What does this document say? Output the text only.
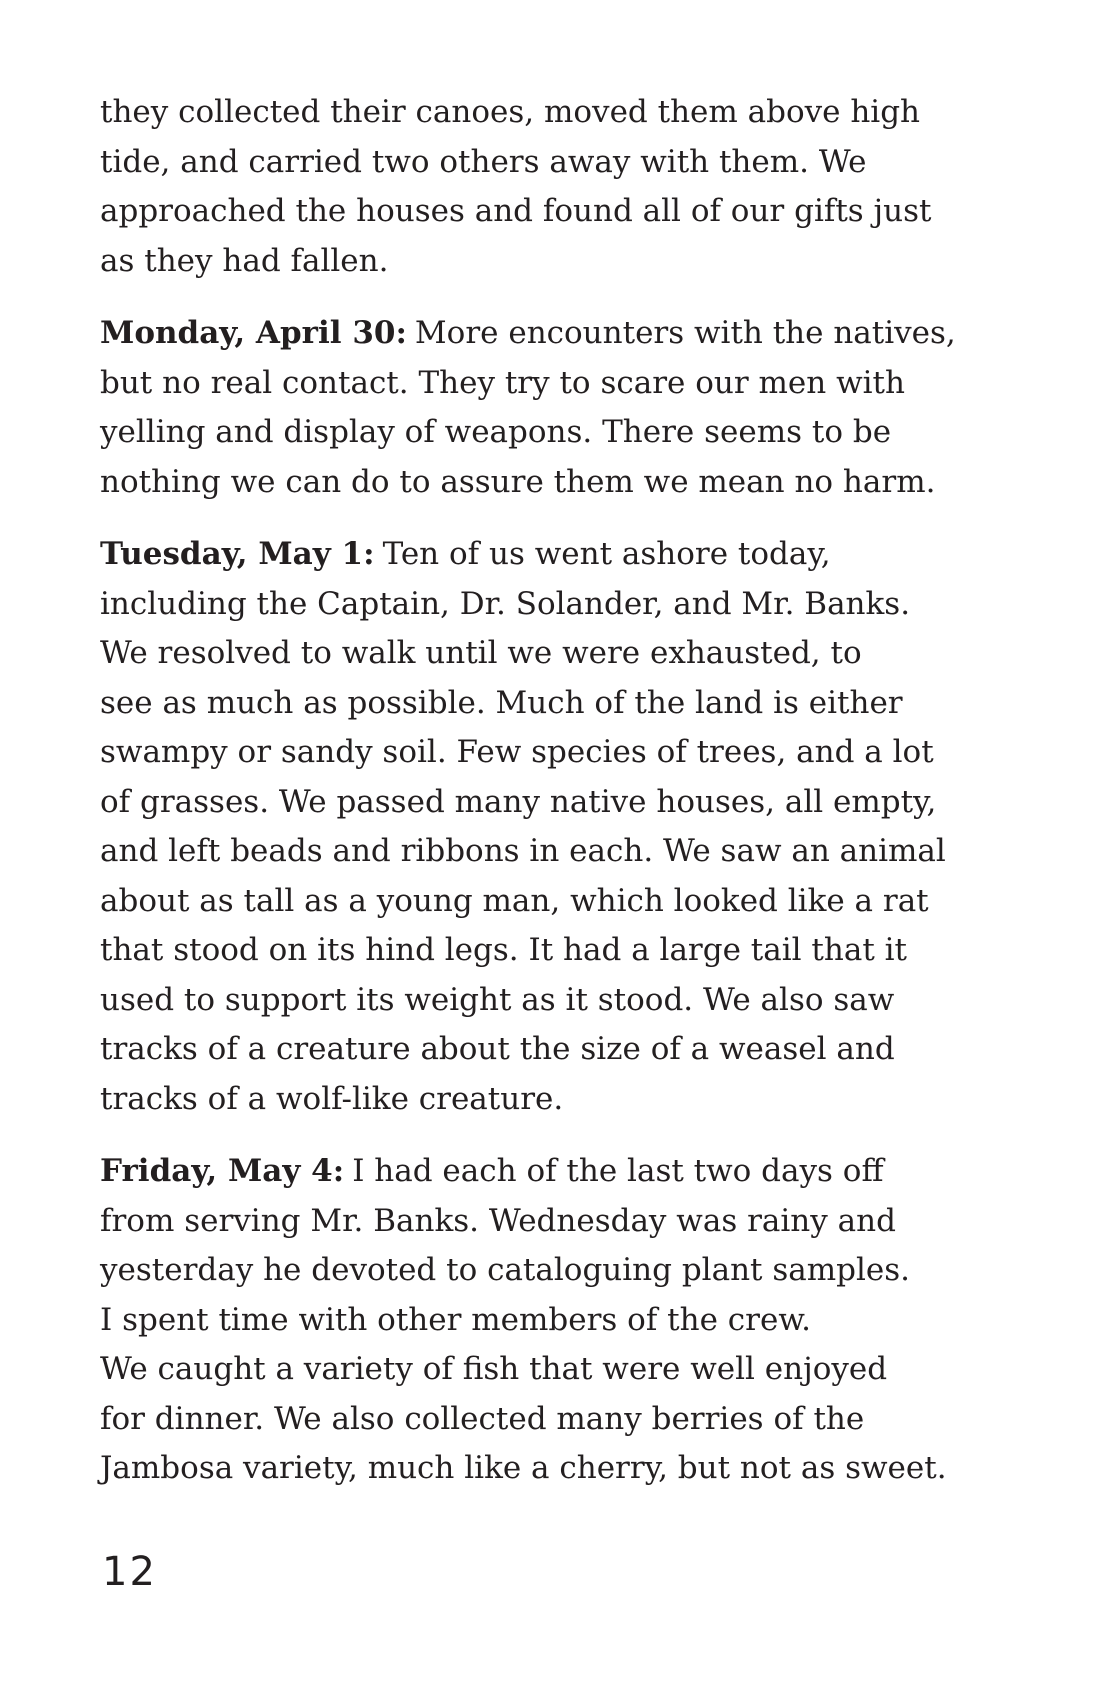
they collected their canoes, moved them above high
tide, and carried two others away with them. We
approached the houses and found all of our gifts just
as they had fallen.

Monday, April 30: More encounters with the natives,
but no real contact. They try to scare our men with
yelling and display of weapons. There seems to be
nothing we can do to assure them we mean no harm.

Tuesday, May 1: Ten of us went ashore today,
including the Captain, Dr. Solander, and Mr. Banks.
We resolved to walk until we were exhausted, to
see as much as possible. Much of the land is either
swampy or sandy soil. Few species of trees, and a lot
of grasses. We passed many native houses, all empty,
and left beads and ribbons in each. We saw an animal
about as tall as a young man, which looked like a rat
that stood on its hind legs. It had a large tail that it
used to support its weight as it stood. We also saw
tracks of a creature about the size of a weasel and
tracks of a wolf-like creature.

Friday, May 4: I had each of the last two days off
from serving Mr. Banks. Wednesday was rainy and
yesterday he devoted to cataloguing plant samples.
I spent time with other members of the crew.
We caught a variety of fish that were well enjoyed
for dinner. We also collected many berries of the
Jambosa variety, much like a cherry, but not as sweet.

12
